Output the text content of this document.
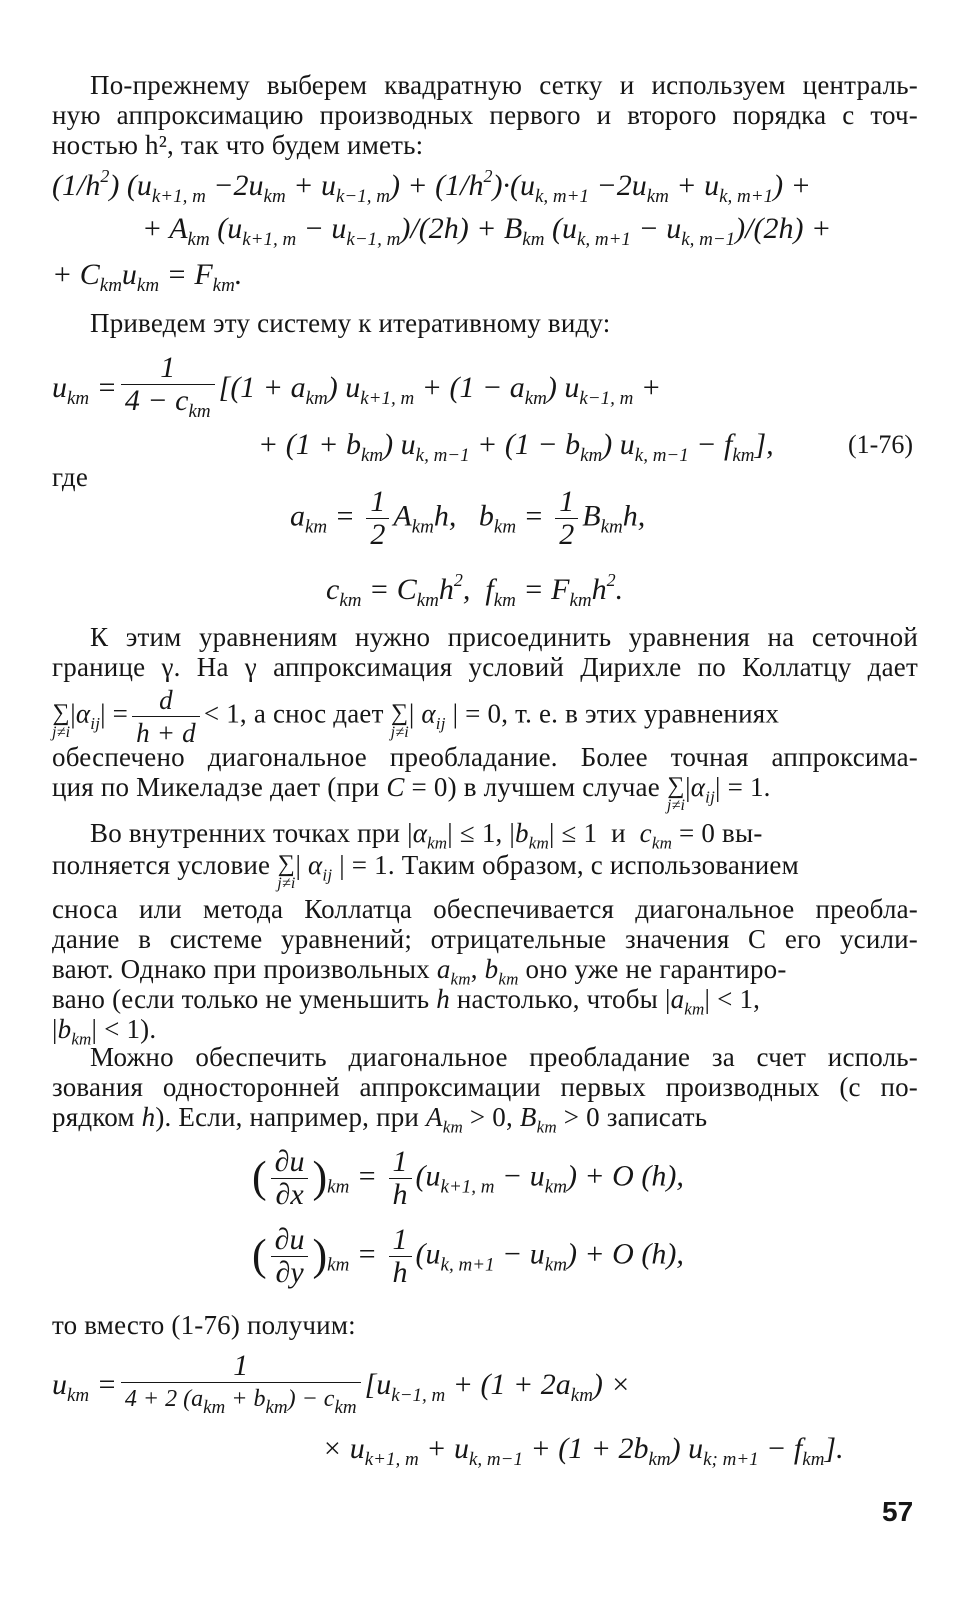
По-прежнему выберем квадратную сетку и используем централь-
ную аппроксимацию производных первого и второго порядка с точ-
ностью h², так что будем иметь:
$(1/h^2)$ $(u_{k+1, m} -2u_{km} + u_{k-1, m}) + (1/h^2)\cdot(u_{k, m+1} -2u_{km} + u_{k, m+1})$ +
+ $A_{km}$ $(u_{k+1, m} - u_{k-1, m})/(2h) + B_{km}$ $(u_{k, m+1} - u_{k, m-1})/(2h)$ +
+ $C_{km}u_{km} = F_{km}$.
Приведем эту систему к итеративному виду:
$u_{km} = \frac{1}{4 - c_{km}} [(1 + a_{km}) u_{k+1, m} + (1 - a_{km}) u_{k-1, m}$ +
+ $(1 + b_{km})$ $u_{k, m-1} + (1 - b_{km}) u_{k, m-1} - f_{km}$],	(1-76)
где
$a_{km} = \frac{1}{2} A_{km}h$,   $b_{km} = \frac{1}{2} B_{km}h$,
$c_{km} = C_{km}h^2$,  $f_{km} = F_{km}h^2$.
К этим уравнениям нужно присоединить уравнения на сеточной
границе γ. На γ аппроксимация условий Дирихле по Коллатцу дает
∑
j≠i
$|\alpha_{ij}| = \frac{d}{h + d} < 1$, а снос дает ∑
j≠i
| $\alpha_{ij}$ | = 0, т. е. в этих уравнениях
обеспечено диагональное преобладание. Более точная аппроксима-
ция по Микеладзе дает (при C = 0) в лучшем случае ∑
j≠i
$|\alpha_{ij}| = 1$.
Во внутренних точках при $|\alpha_{km}| \le 1$, $|b_{km}| \le 1$  и  $c_{km} = 0$ вы-
полняется условие ∑
j≠i
| $\alpha_{ij}$ | = 1. Таким образом, с использованием
сноса или метода Коллатца обеспечивается диагональное преобла-
дание в системе уравнений; отрицательные значения C его усили-
вают. Однако при произвольных $a_{km}$, $b_{km}$ оно уже не гарантиро-
вано (если только не уменьшить h настолько, чтобы $|a_{km}| < 1$,
$|b_{km}| < 1$).
Можно обеспечить диагональное преобладание за счет исполь-
зования односторонней аппроксимации первых производных (с по-
рядком h). Если, например, при $A_{km} > 0$, $B_{km} > 0$ записать
( $\frac{\partial u}{\partial x} )_{km} = \frac{1}{h} (u_{k+1, m} - u_{km}) + O$ (h),
( $\frac{\partial u}{\partial y} )_{km} = \frac{1}{h} (u_{k, m+1} - u_{km}) + O$ (h),
то вместо (1-76) получим:
$u_{km} = \frac{1}{4 + 2 (a_{km} + b_{km}) - c_{km}} [u_{k-1, m} + (1 + 2a_{km})$ ×
× $u_{k+1, m} + u_{k, m-1} + (1 + 2b_{km}) u_{k; m+1} - f_{km}$].
57
